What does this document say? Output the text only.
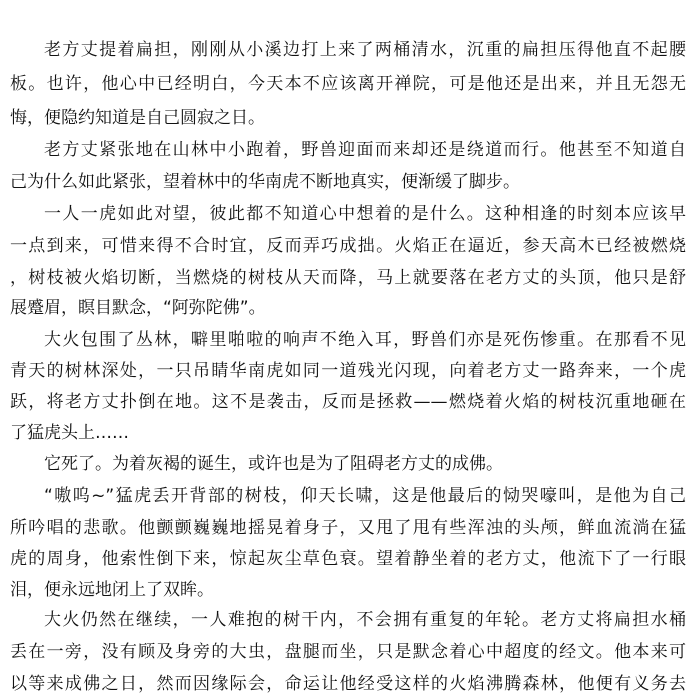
老方丈提着扁担，刚刚从小溪边打上来了两桶清水，沉重的扁担压得他直不起腰
板。也许，他心中已经明白，今天本不应该离开禅院，可是他还是出来，并且无怨无
悔，便隐约知道是自己圆寂之日。
老方丈紧张地在山林中小跑着，野兽迎面而来却还是绕道而行。他甚至不知道自
己为什么如此紧张，望着林中的华南虎不断地真实，便渐缓了脚步。
一人一虎如此对望，彼此都不知道心中想着的是什么。这种相逢的时刻本应该早
一点到来，可惜来得不合时宜，反而弄巧成拙。火焰正在逼近，参天高木已经被燃烧
，树枝被火焰切断，当燃烧的树枝从天而降，马上就要落在老方丈的头顶，他只是舒
展蹙眉，瞑目默念，“阿弥陀佛”。
大火包围了丛林，噼里啪啦的响声不绝入耳，野兽们亦是死伤惨重。在那看不见
青天的树林深处，一只吊睛华南虎如同一道残光闪现，向着老方丈一路奔来，一个虎
跃，将老方丈扑倒在地。这不是袭击，反而是拯救——燃烧着火焰的树枝沉重地砸在
了猛虎头上……
它死了。为着灰褐的诞生，或许也是为了阻碍老方丈的成佛。
“嗷呜~”猛虎丢开背部的树枝，仰天长啸，这是他最后的恸哭嚎叫，是他为自己
所吟唱的悲歌。他颤颤巍巍地摇晃着身子，又甩了甩有些浑浊的头颅，鲜血流淌在猛
虎的周身，他索性倒下来，惊起灰尘草色衰。望着静坐着的老方丈，他流下了一行眼
泪，便永远地闭上了双眸。
大火仍然在继续，一人难抱的树干内，不会拥有重复的年轮。老方丈将扁担水桶
丢在一旁，没有顾及身旁的大虫，盘腿而坐，只是默念着心中超度的经文。他本来可
以等来成佛之日，然而因缘际会，命运让他经受这样的火焰沸腾森林，他便有义务去
